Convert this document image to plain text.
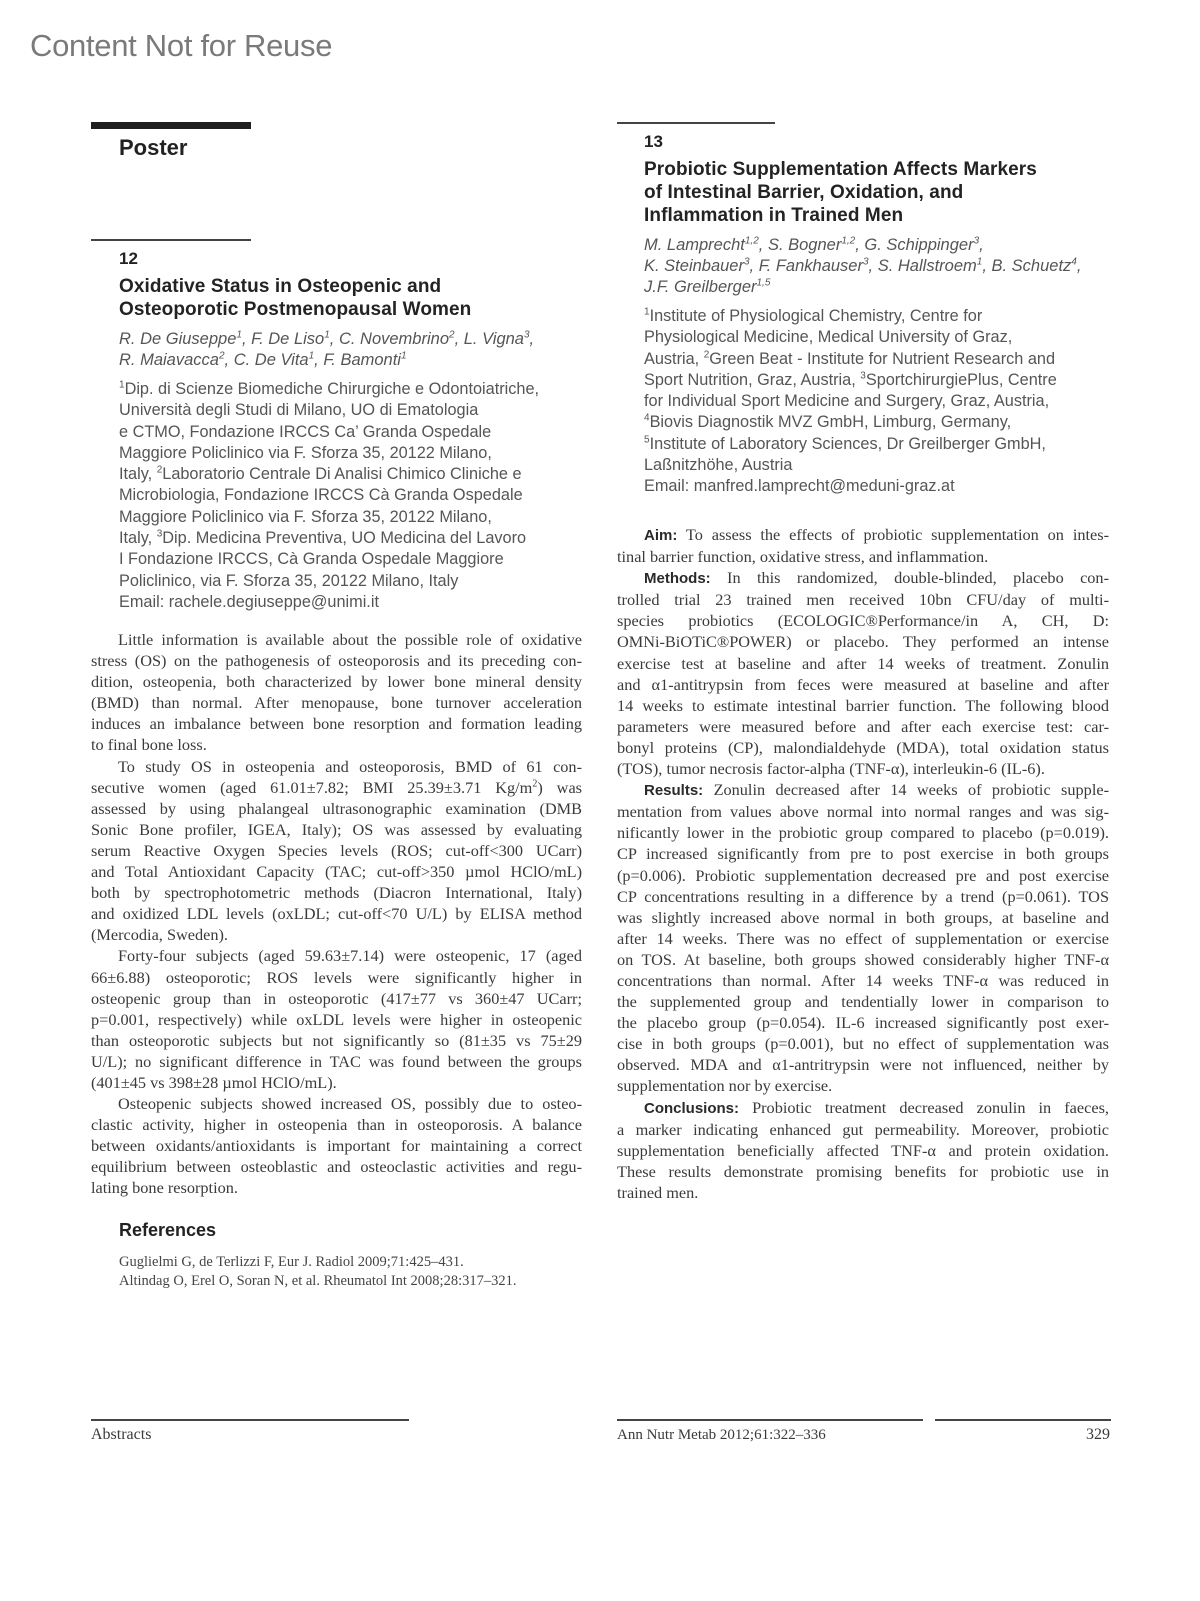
Content Not for Reuse
Poster
12
Oxidative Status in Osteopenic and
Osteoporotic Postmenopausal Women
R. De Giuseppe$^1$, F. De Liso$^1$, C. Novembrino$^2$, L. Vigna$^3$,
R. Maiavacca$^2$, C. De Vita$^1$, F. Bamonti$^1$
$^1$Dip. di Scienze Biomediche Chirurgiche e Odontoiatriche,
Università degli Studi di Milano, UO di Ematologia
e CTMO, Fondazione IRCCS Ca’ Granda Ospedale
Maggiore Policlinico via F. Sforza 35, 20122 Milano,
Italy, $^2$Laboratorio Centrale Di Analisi Chimico Cliniche e
Microbiologia, Fondazione IRCCS Cà Granda Ospedale
Maggiore Policlinico via F. Sforza 35, 20122 Milano,
Italy, $^3$Dip. Medicina Preventiva, UO Medicina del Lavoro
I Fondazione IRCCS, Cà Granda Ospedale Maggiore
Policlinico, via F. Sforza 35, 20122 Milano, Italy
Email: rachele.degiuseppe@unimi.it
Little information is available about the possible role of oxidative
stress (OS) on the pathogenesis of osteoporosis and its preceding con-
dition, osteopenia, both characterized by lower bone mineral density
(BMD) than normal. After menopause, bone turnover acceleration
induces an imbalance between bone resorption and formation leading
to final bone loss.
To study OS in osteopenia and osteoporosis, BMD of 61 con-
secutive women (aged 61.01±7.82; BMI 25.39±3.71 $Kg/m^2$) was
assessed by using phalangeal ultrasonographic examination (DMB
Sonic Bone profiler, IGEA, Italy); OS was assessed by evaluating
serum Reactive Oxygen Species levels (ROS; cut-off<300 UCarr)
and Total Antioxidant Capacity (TAC; cut-off>350 µmol HClO/mL)
both by spectrophotometric methods (Diacron International, Italy)
and oxidized LDL levels (oxLDL; cut-off<70 U/L) by ELISA method
(Mercodia, Sweden).
Forty-four subjects (aged 59.63±7.14) were osteopenic, 17 (aged
66±6.88) osteoporotic; ROS levels were significantly higher in
osteopenic group than in osteoporotic (417±77 vs 360±47 UCarr;
p=0.001, respectively) while oxLDL levels were higher in osteopenic
than osteoporotic subjects but not significantly so (81±35 vs 75±29
U/L); no significant difference in TAC was found between the groups
(401±45 vs 398±28 µmol HClO/mL).
Osteopenic subjects showed increased OS, possibly due to osteo-
clastic activity, higher in osteopenia than in osteoporosis. A balance
between oxidants/antioxidants is important for maintaining a correct
equilibrium between osteoblastic and osteoclastic activities and regu-
lating bone resorption.
References
Guglielmi G, de Terlizzi F, Eur J. Radiol 2009;71:425–431.
Altindag O, Erel O, Soran N, et al. Rheumatol Int 2008;28:317–321.
13
Probiotic Supplementation Affects Markers
of Intestinal Barrier, Oxidation, and
Inflammation in Trained Men
M. Lamprecht$^{1,2}$, S. Bogner$^{1,2}$, G. Schippinger$^3$,
K. Steinbauer$^3$, F. Fankhauser$^3$, S. Hallstroem$^1$, B. Schuetz$^4$,
J.F. Greilberger$^{1,5}$
$^1$Institute of Physiological Chemistry, Centre for
Physiological Medicine, Medical University of Graz,
Austria, $^2$Green Beat - Institute for Nutrient Research and
Sport Nutrition, Graz, Austria, $^3$SportchirurgiePlus, Centre
for Individual Sport Medicine and Surgery, Graz, Austria,
$^4$Biovis Diagnostik MVZ GmbH, Limburg, Germany,
$^5$Institute of Laboratory Sciences, Dr Greilberger GmbH,
Laßnitzhöhe, Austria
Email: manfred.lamprecht@meduni-graz.at
Aim: To assess the effects of probiotic supplementation on intes-
tinal barrier function, oxidative stress, and inflammation.
Methods: In this randomized, double-blinded, placebo con-
trolled trial 23 trained men received 10bn CFU/day of multi-
species probiotics (ECOLOGIC®Performance/in A, CH, D:
OMNi-BiOTiC®POWER) or placebo. They performed an intense
exercise test at baseline and after 14 weeks of treatment. Zonulin
and α1-antitrypsin from feces were measured at baseline and after
14 weeks to estimate intestinal barrier function. The following blood
parameters were measured before and after each exercise test: car-
bonyl proteins (CP), malondialdehyde (MDA), total oxidation status
(TOS), tumor necrosis factor-alpha (TNF-α), interleukin-6 (IL-6).
Results: Zonulin decreased after 14 weeks of probiotic supple-
mentation from values above normal into normal ranges and was sig-
nificantly lower in the probiotic group compared to placebo (p=0.019).
CP increased significantly from pre to post exercise in both groups
(p=0.006). Probiotic supplementation decreased pre and post exercise
CP concentrations resulting in a difference by a trend (p=0.061). TOS
was slightly increased above normal in both groups, at baseline and
after 14 weeks. There was no effect of supplementation or exercise
on TOS. At baseline, both groups showed considerably higher TNF-α
concentrations than normal. After 14 weeks TNF-α was reduced in
the supplemented group and tendentially lower in comparison to
the placebo group (p=0.054). IL-6 increased significantly post exer-
cise in both groups (p=0.001), but no effect of supplementation was
observed. MDA and α1-antritrypsin were not influenced, neither by
supplementation nor by exercise.
Conclusions: Probiotic treatment decreased zonulin in faeces,
a marker indicating enhanced gut permeability. Moreover, probiotic
supplementation beneficially affected TNF-α and protein oxidation.
These results demonstrate promising benefits for probiotic use in
trained men.
Abstracts	Ann Nutr Metab 2012;61:322–336	329
